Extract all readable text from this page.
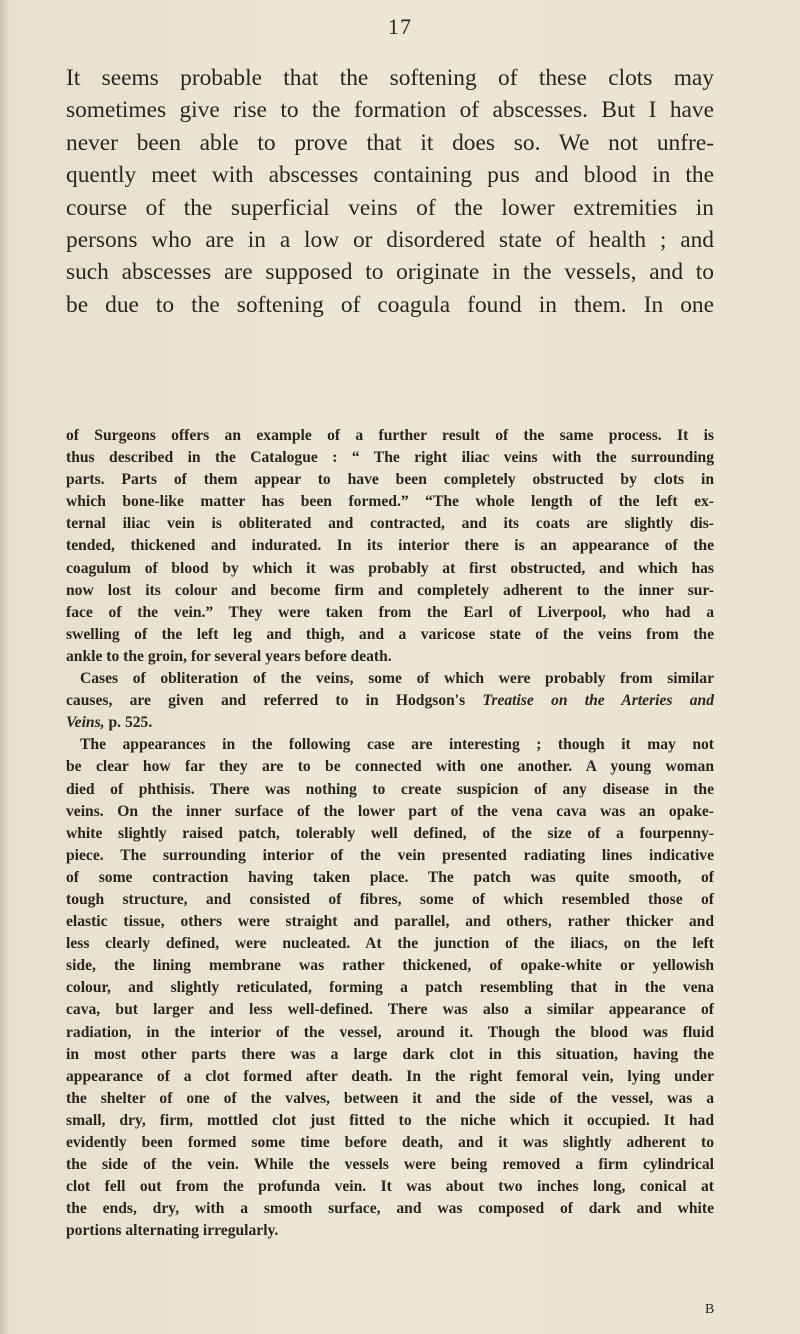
17
It seems probable that the softening of these clots may
sometimes give rise to the formation of abscesses. But I have
never been able to prove that it does so. We not unfre-
quently meet with abscesses containing pus and blood in the
course of the superficial veins of the lower extremities in
persons who are in a low or disordered state of health ; and
such abscesses are supposed to originate in the vessels, and to
be due to the softening of coagula found in them. In one
of Surgeons offers an example of a further result of the same process. It is
thus described in the Catalogue : “ The right iliac veins with the surrounding
parts. Parts of them appear to have been completely obstructed by clots in
which bone-like matter has been formed.” “The whole length of the left ex-
ternal iliac vein is obliterated and contracted, and its coats are slightly dis-
tended, thickened and indurated. In its interior there is an appearance of the
coagulum of blood by which it was probably at first obstructed, and which has
now lost its colour and become firm and completely adherent to the inner sur-
face of the vein.” They were taken from the Earl of Liverpool, who had a
swelling of the left leg and thigh, and a varicose state of the veins from the
ankle to the groin, for several years before death.
Cases of obliteration of the veins, some of which were probably from similar
causes, are given and referred to in Hodgson's Treatise on the Arteries and
Veins, p. 525.
The appearances in the following case are interesting ; though it may not
be clear how far they are to be connected with one another. A young woman
died of phthisis. There was nothing to create suspicion of any disease in the
veins. On the inner surface of the lower part of the vena cava was an opake-
white slightly raised patch, tolerably well defined, of the size of a fourpenny-
piece. The surrounding interior of the vein presented radiating lines indicative
of some contraction having taken place. The patch was quite smooth, of
tough structure, and consisted of fibres, some of which resembled those of
elastic tissue, others were straight and parallel, and others, rather thicker and
less clearly defined, were nucleated. At the junction of the iliacs, on the left
side, the lining membrane was rather thickened, of opake-white or yellowish
colour, and slightly reticulated, forming a patch resembling that in the vena
cava, but larger and less well-defined. There was also a similar appearance of
radiation, in the interior of the vessel, around it. Though the blood was fluid
in most other parts there was a large dark clot in this situation, having the
appearance of a clot formed after death. In the right femoral vein, lying under
the shelter of one of the valves, between it and the side of the vessel, was a
small, dry, firm, mottled clot just fitted to the niche which it occupied. It had
evidently been formed some time before death, and it was slightly adherent to
the side of the vein. While the vessels were being removed a firm cylindrical
clot fell out from the profunda vein. It was about two inches long, conical at
the ends, dry, with a smooth surface, and was composed of dark and white
portions alternating irregularly.
B
